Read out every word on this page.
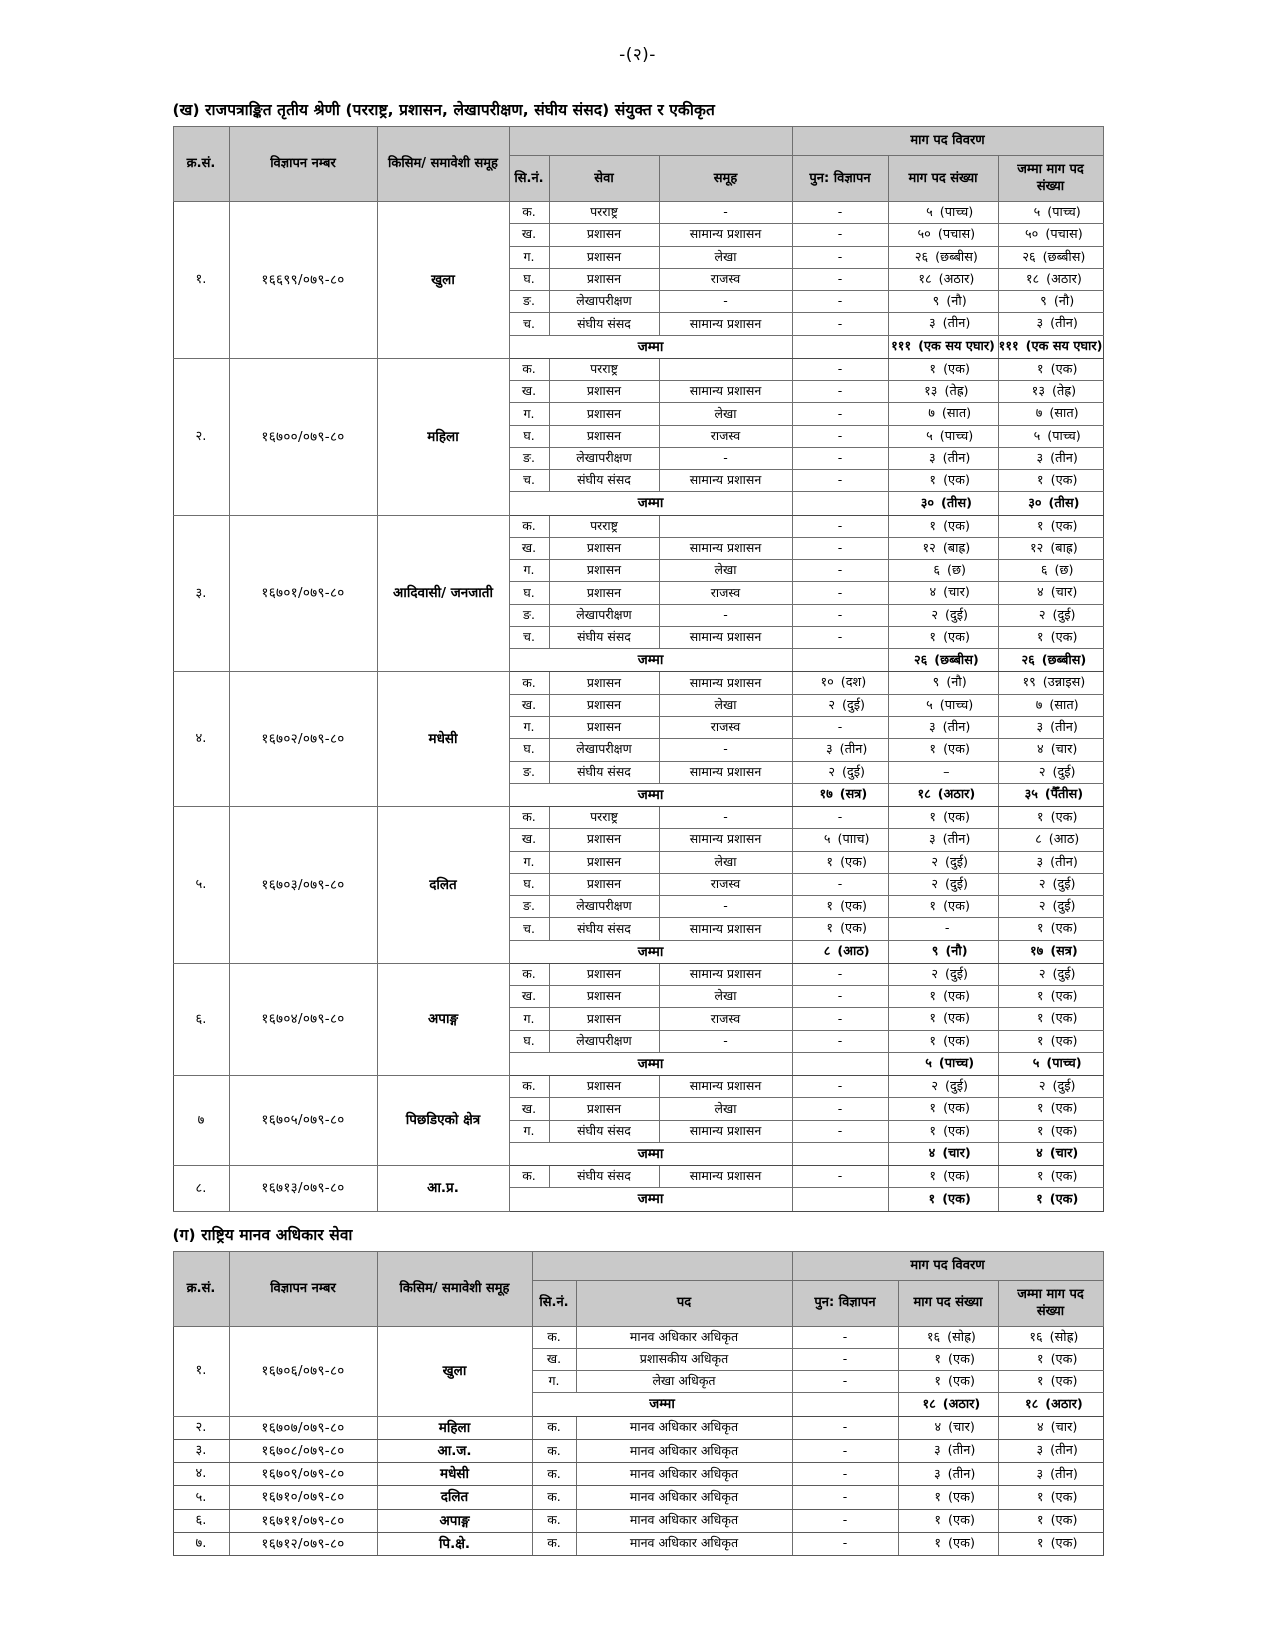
-(२)-
(ख) राजपत्राङ्कित तृतीय श्रेणी (परराष्ट्र, प्रशासन, लेखापरीक्षण, संघीय संसद) संयुक्त र एकीकृत
क्र.सं.	विज्ञापन नम्बर	किसिम/ समावेशी समूह				माग पद विवरण		
			सि.नं.	सेवा	समूह	पुन: विज्ञापन	माग पद संख्या	जम्मा माग पद संख्या
१.	१६६९९/०७९-८०	खुला	क.	परराष्ट्र	-	-	५ (पाच्च)	५ (पाच्च)

			ख.	प्रशासन	सामान्य प्रशासन	-	५० (पचास)	५० (पचास)

			ग.	प्रशासन	लेखा	-	२६ (छब्बीस)	२६ (छब्बीस)

			घ.	प्रशासन	राजस्व	-	१८ (अठार)	१८ (अठार)

			ङ.	लेखापरीक्षण	-	-	९ (नौ)	९ (नौ)

			च.	संघीय संसद	सामान्य प्रशासन	-	३ (तीन)	३ (तीन)

			जम्मा				१११ (एक सय एघार)	१११ (एक सय एघार)

२.	१६७००/०७९-८०	महिला	क.	परराष्ट्र		-	१ (एक)	१ (एक)

			ख.	प्रशासन	सामान्य प्रशासन	-	१३ (तेह्र)	१३ (तेह्र)

			ग.	प्रशासन	लेखा	-	७ (सात)	७ (सात)

			घ.	प्रशासन	राजस्व	-	५ (पाच्च)	५ (पाच्च)

			ङ.	लेखापरीक्षण	-	-	३ (तीन)	३ (तीन)

			च.	संघीय संसद	सामान्य प्रशासन	-	१ (एक)	१ (एक)

			जम्मा				३० (तीस)	३० (तीस)

३.	१६७०१/०७९-८०	आदिवासी/ जनजाती	क.	परराष्ट्र		-	१ (एक)	१ (एक)

			ख.	प्रशासन	सामान्य प्रशासन	-	१२ (बाह्र)	१२ (बाह्र)

			ग.	प्रशासन	लेखा	-	६ (छ)	६ (छ)

			घ.	प्रशासन	राजस्व	-	४ (चार)	४ (चार)

			ङ.	लेखापरीक्षण	-	-	२ (दुई)	२ (दुई)

			च.	संघीय संसद	सामान्य प्रशासन	-	१ (एक)	१ (एक)

			जम्मा				२६ (छब्बीस)	२६ (छब्बीस)

४.	१६७०२/०७९-८०	मधेसी	क.	प्रशासन	सामान्य प्रशासन	१० (दश)	९ (नौ)	१९ (उन्नाइस)

			ख.	प्रशासन	लेखा	२ (दुई)	५ (पाच्च)	७ (सात)

			ग.	प्रशासन	राजस्व	-	३ (तीन)	३ (तीन)

			घ.	लेखापरीक्षण	-	३ (तीन)	१ (एक)	४ (चार)

			ङ.	संघीय संसद	सामान्य प्रशासन	२ (दुई)	–	२ (दुई)

			जम्मा			१७ (सत्र)	१८ (अठार)	३५ (पैँतीस)

५.	१६७०३/०७९-८०	दलित	क.	परराष्ट्र	-	-	१ (एक)	१ (एक)

			ख.	प्रशासन	सामान्य प्रशासन	५ (पााच)	३ (तीन)	८ (आठ)

			ग.	प्रशासन	लेखा	१ (एक)	२ (दुई)	३ (तीन)

			घ.	प्रशासन	राजस्व	-	२ (दुई)	२ (दुई)

			ङ.	लेखापरीक्षण	-	१ (एक)	१ (एक)	२ (दुई)

			च.	संघीय संसद	सामान्य प्रशासन	१ (एक)	-	१ (एक)

			जम्मा			८ (आठ)	९ (नौ)	१७ (सत्र)

६.	१६७०४/०७९-८०	अपाङ्ग	क.	प्रशासन	सामान्य प्रशासन	-	२ (दुई)	२ (दुई)

			ख.	प्रशासन	लेखा	-	१ (एक)	१ (एक)

			ग.	प्रशासन	राजस्व	-	१ (एक)	१ (एक)

			घ.	लेखापरीक्षण	-	-	१ (एक)	१ (एक)

			जम्मा				५ (पाच्च)	५ (पाच्च)

७	१६७०५/०७९-८०	पिछडिएको क्षेत्र	क.	प्रशासन	सामान्य प्रशासन	-	२ (दुई)	२ (दुई)

			ख.	प्रशासन	लेखा	-	१ (एक)	१ (एक)

			ग.	संघीय संसद	सामान्य प्रशासन	-	१ (एक)	१ (एक)

			जम्मा				४ (चार)	४ (चार)

८.	१६७१३/०७९-८०	आ.प्र.	क.	संघीय संसद	सामान्य प्रशासन	-	१ (एक)	१ (एक)

			जम्मा				१ (एक)	१ (एक)
(ग) राष्ट्रिय मानव अधिकार सेवा
क्र.सं.	विज्ञापन नम्बर	किसिम/ समावेशी समूह			माग पद विवरण		
			सि.नं.	पद	पुन: विज्ञापन	माग पद संख्या	जम्मा माग पद संख्या
१.	१६७०६/०७९-८०	खुला	क.	मानव अधिकार अधिकृत	-	१६ (सोह्र)	१६ (सोह्र)

			ख.	प्रशासकीय अधिकृत	-	१ (एक)	१ (एक)

			ग.	लेखा अधिकृत	-	१ (एक)	१ (एक)

			जम्मा			१८ (अठार)	१८ (अठार)

२.	१६७०७/०७९-८०	महिला	क.	मानव अधिकार अधिकृत	-	४ (चार)	४ (चार)

३.	१६७०८/०७९-८०	आ.ज.	क.	मानव अधिकार अधिकृत	-	३ (तीन)	३ (तीन)

४.	१६७०९/०७९-८०	मधेसी	क.	मानव अधिकार अधिकृत	-	३ (तीन)	३ (तीन)

५.	१६७१०/०७९-८०	दलित	क.	मानव अधिकार अधिकृत	-	१ (एक)	१ (एक)

६.	१६७११/०७९-८०	अपाङ्ग	क.	मानव अधिकार अधिकृत	-	१ (एक)	१ (एक)

७.	१६७१२/०७९-८०	पि.क्षे.	क.	मानव अधिकार अधिकृत	-	१ (एक)	१ (एक)
